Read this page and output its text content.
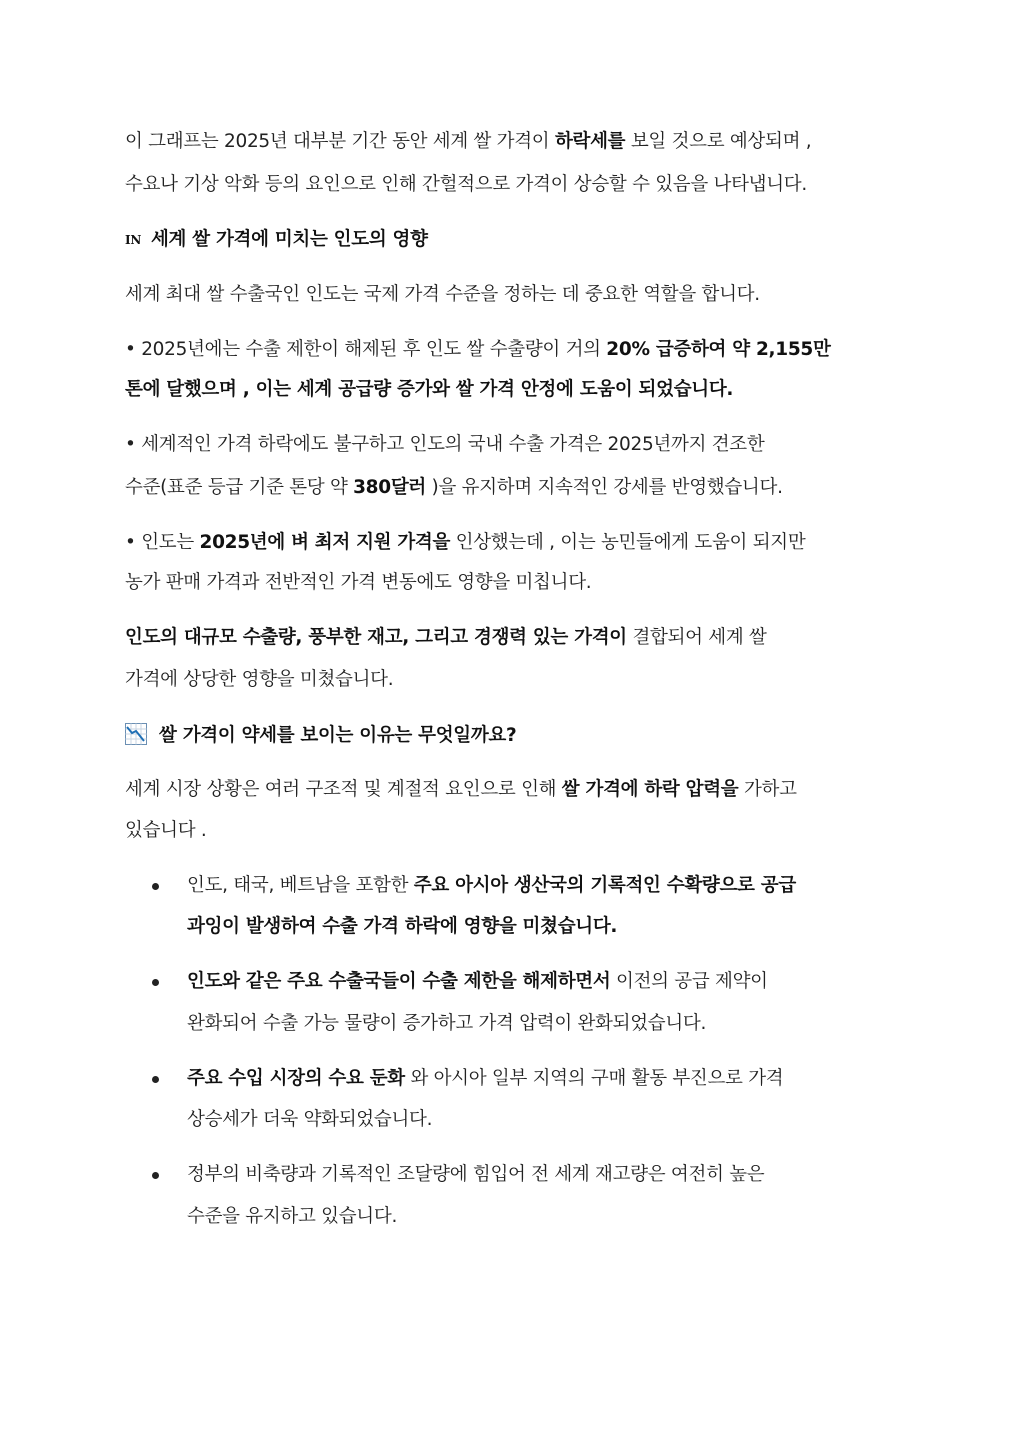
이 그래프는 2025년 대부분 기간 동안 세계 쌀 가격이 하락세를 보일 것으로 예상되며 ,
수요나 기상 악화 등의 요인으로 인해 간헐적으로 가격이 상승할 수 있음을 나타냅니다.
IN 세계 쌀 가격에 미치는 인도의 영향
세계 최대 쌀 수출국인 인도는 국제 가격 수준을 정하는 데 중요한 역할을 합니다.
• 2025년에는 수출 제한이 해제된 후 인도 쌀 수출량이 거의 20% 급증하여 약 2,155만
톤에 달했으며 , 이는 세계 공급량 증가와 쌀 가격 안정에 도움이 되었습니다.
• 세계적인 가격 하락에도 불구하고 인도의 국내 수출 가격은 2025년까지 견조한
수준(표준 등급 기준 톤당 약 380달러 )을 유지하며 지속적인 강세를 반영했습니다.
• 인도는 2025년에 벼 최저 지원 가격을 인상했는데 , 이는 농민들에게 도움이 되지만
농가 판매 가격과 전반적인 가격 변동에도 영향을 미칩니다.
인도의 대규모 수출량, 풍부한 재고, 그리고 경쟁력 있는 가격이 결합되어 세계 쌀
가격에 상당한 영향을 미쳤습니다.
쌀 가격이 약세를 보이는 이유는 무엇일까요?
세계 시장 상황은 여러 구조적 및 계절적 요인으로 인해 쌀 가격에 하락 압력을 가하고
있습니다 .
인도, 태국, 베트남을 포함한 주요 아시아 생산국의 기록적인 수확량으로 공급
과잉이 발생하여 수출 가격 하락에 영향을 미쳤습니다.
인도와 같은 주요 수출국들이 수출 제한을 해제하면서 이전의 공급 제약이
완화되어 수출 가능 물량이 증가하고 가격 압력이 완화되었습니다.
주요 수입 시장의 수요 둔화 와 아시아 일부 지역의 구매 활동 부진으로 가격
상승세가 더욱 약화되었습니다.
정부의 비축량과 기록적인 조달량에 힘입어 전 세계 재고량은 여전히 높은
수준을 유지하고 있습니다.
